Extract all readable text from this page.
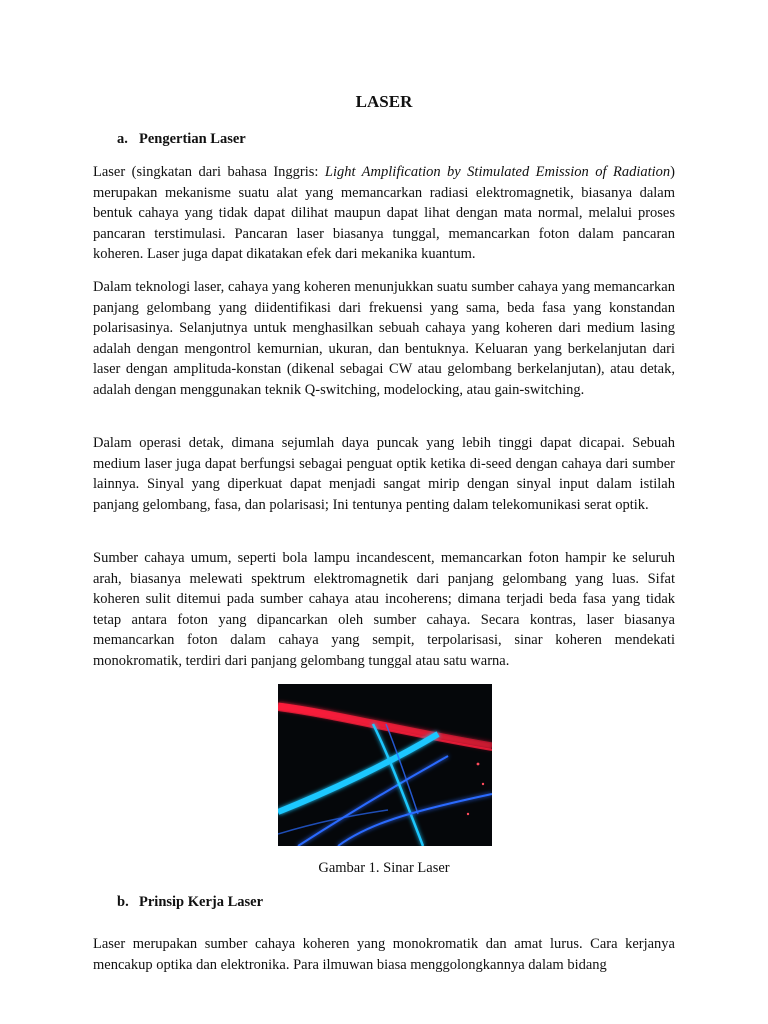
LASER
a. Pengertian Laser

Laser (singkatan dari bahasa Inggris: Light Amplification by Stimulated Emission of Radiation) merupakan mekanisme suatu alat yang memancarkan radiasi elektromagnetik, biasanya dalam bentuk cahaya yang tidak dapat dilihat maupun dapat lihat dengan mata normal, melalui proses pancaran terstimulasi. Pancaran laser biasanya tunggal, memancarkan foton dalam pancaran koheren. Laser juga dapat dikatakan efek dari mekanika kuantum.

Dalam teknologi laser, cahaya yang koheren menunjukkan suatu sumber cahaya yang memancarkan panjang gelombang yang diidentifikasi dari frekuensi yang sama, beda fasa yang konstandan polarisasinya. Selanjutnya untuk menghasilkan sebuah cahaya yang koheren dari medium lasing adalah dengan mengontrol kemurnian, ukuran, dan bentuknya. Keluaran yang berkelanjutan dari laser dengan amplituda-konstan (dikenal sebagai CW atau gelombang berkelanjutan), atau detak, adalah dengan menggunakan teknik Q-switching, modelocking, atau gain-switching.

Dalam operasi detak, dimana sejumlah daya puncak yang lebih tinggi dapat dicapai. Sebuah medium laser juga dapat berfungsi sebagai penguat optik ketika di-seed dengan cahaya dari sumber lainnya. Sinyal yang diperkuat dapat menjadi sangat mirip dengan sinyal input dalam istilah panjang gelombang, fasa, dan polarisasi; Ini tentunya penting dalam telekomunikasi serat optik.

Sumber cahaya umum, seperti bola lampu incandescent, memancarkan foton hampir ke seluruh arah, biasanya melewati spektrum elektromagnetik dari panjang gelombang yang luas. Sifat koheren sulit ditemui pada sumber cahaya atau incoherens; dimana terjadi beda fasa yang tidak tetap antara foton yang dipancarkan oleh sumber cahaya. Secara kontras, laser biasanya memancarkan foton dalam cahaya yang sempit, terpolarisasi, sinar koheren mendekati monokromatik, terdiri dari panjang gelombang tunggal atau satu warna.

Gambar 1. Sinar Laser

b. Prinsip Kerja Laser

Laser merupakan sumber cahaya koheren yang monokromatik dan amat lurus. Cara kerjanya mencakup optika dan elektronika. Para ilmuwan biasa menggolongkannya dalam bidang
